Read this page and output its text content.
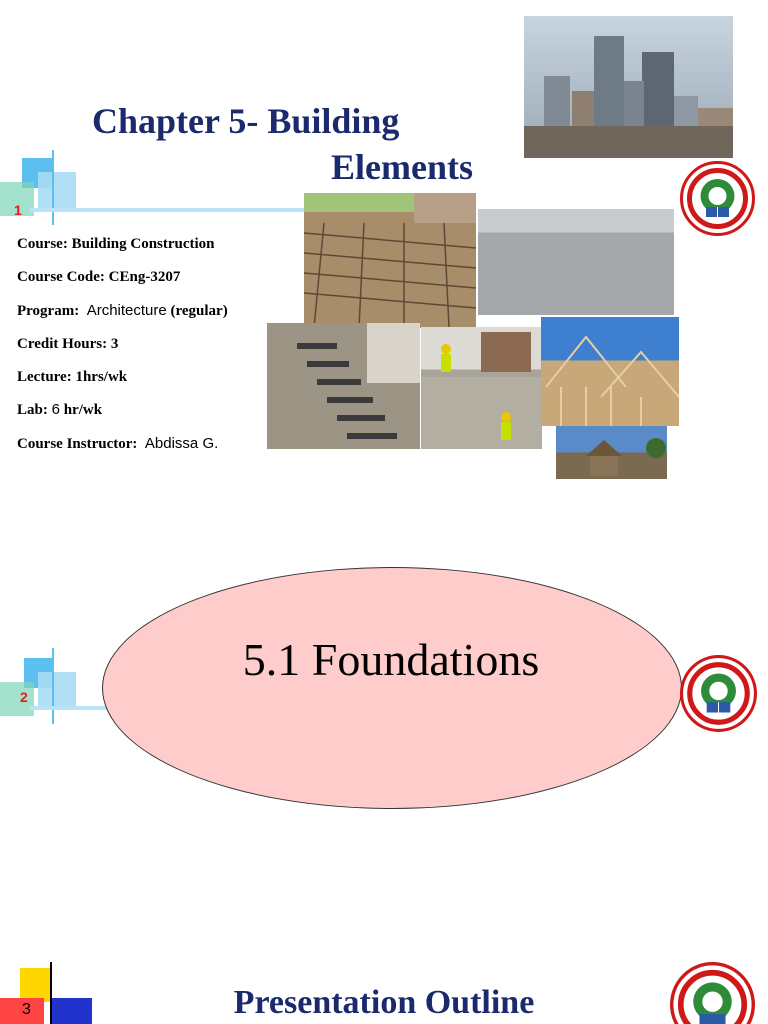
1
Chapter 5- Building
Elements
Course: Building Construction
Course Code: CEng-3207
Program: Architecture (regular)
Credit Hours: 3
Lecture: 1hrs/wk
Lab: 6 hr/wk
Course Instructor: Abdissa G.
2
5.1 Foundations
3	Presentation Outline
